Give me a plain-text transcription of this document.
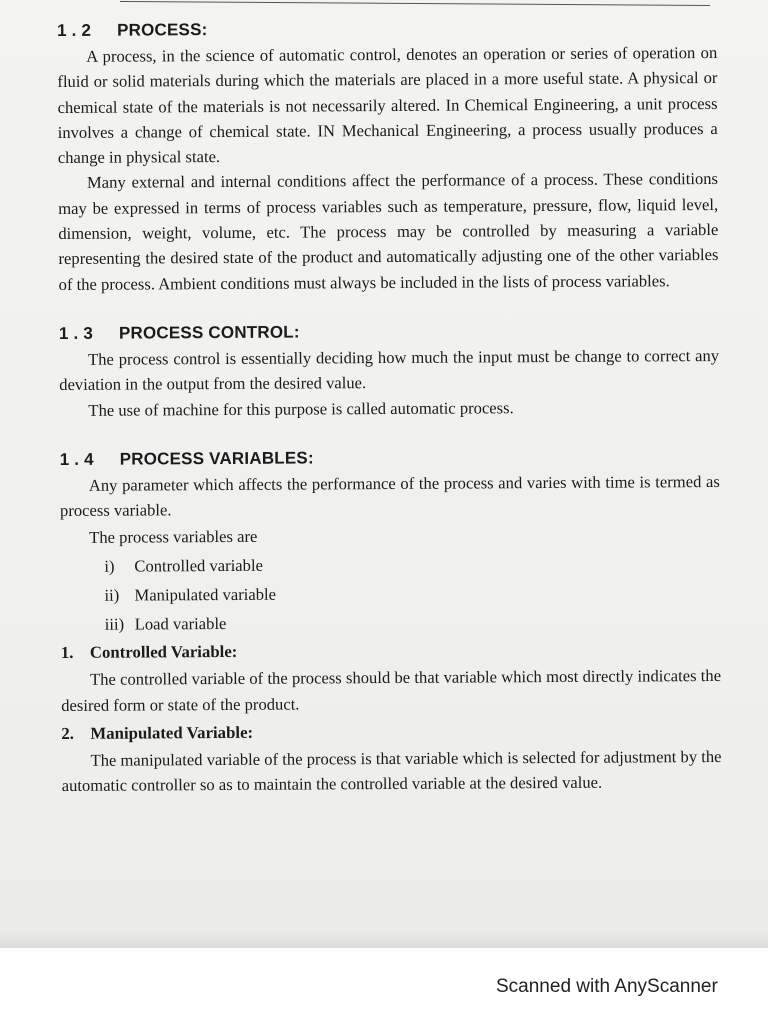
1 . 2 PROCESS:

A process, in the science of automatic control, denotes an operation or series of operation on fluid or solid materials during which the materials are placed in a more useful state. A physical or chemical state of the materials is not necessarily altered. In Chemical Engineering, a unit process involves a change of chemical state. IN Mechanical Engineering, a process usually produces a change in physical state.

Many external and internal conditions affect the performance of a process. These conditions may be expressed in terms of process variables such as temperature, pressure, flow, liquid level, dimension, weight, volume, etc. The process may be controlled by measuring a variable representing the desired state of the product and automatically adjusting one of the other variables of the process. Ambient conditions must always be included in the lists of process variables.

1 . 3 PROCESS CONTROL:

The process control is essentially deciding how much the input must be change to correct any deviation in the output from the desired value.

The use of machine for this purpose is called automatic process.

1 . 4 PROCESS VARIABLES:

Any parameter which affects the performance of the process and varies with time is termed as process variable.

The process variables are

i) Controlled variable
ii) Manipulated variable
iii) Load variable
1. Controlled Variable:

The controlled variable of the process should be that variable which most directly indicates the desired form or state of the product.

2. Manipulated Variable:

The manipulated variable of the process is that variable which is selected for adjustment by the automatic controller so as to maintain the controlled variable at the desired value.

Scanned with AnyScanner
